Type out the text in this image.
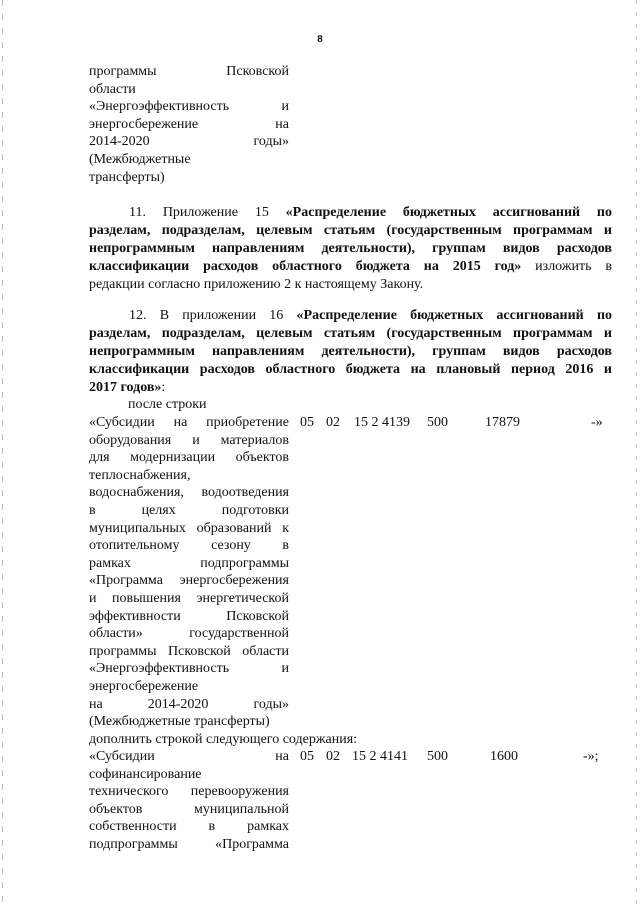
8
программы Псковской
области
«Энергоэффективность и
энергосбережение на
2014-2020 годы»
(Межбюджетные
трансферты)
11. Приложение 15 «Распределение бюджетных ассигнований по
разделам, подразделам, целевым статьям (государственным программам и
непрограммным направлениям деятельности), группам видов расходов
классификации расходов областного бюджета на 2015 год» изложить в
редакции согласно приложению 2 к настоящему Закону.
12. В приложении 16 «Распределение бюджетных ассигнований по
разделам, подразделам, целевым статьям (государственным программам и
непрограммным направлениям деятельности), группам видов расходов
классификации расходов областного бюджета на плановый период 2016 и
2017 годов»:
после строки
«Субсидии на приобретение
оборудования и материалов
для модернизации объектов
теплоснабжения,
водоснабжения, водоотведения
в целях подготовки
муниципальных образований к
отопительному сезону в
рамках подпрограммы
«Программа энергосбережения
и повышения энергетической
эффективности Псковской
области» государственной
программы Псковской области
«Энергоэффективность и
энергосбережение
на 2014-2020 годы»
(Межбюджетные трансферты)
05 02 15 2 4139 500	17879	-»
дополнить строкой следующего содержания:
«Субсидии на
софинансирование
технического перевооружения
объектов муниципальной
собственности в рамках
подпрограммы «Программа
05 02 15 2 4141 500	1600	-»;
